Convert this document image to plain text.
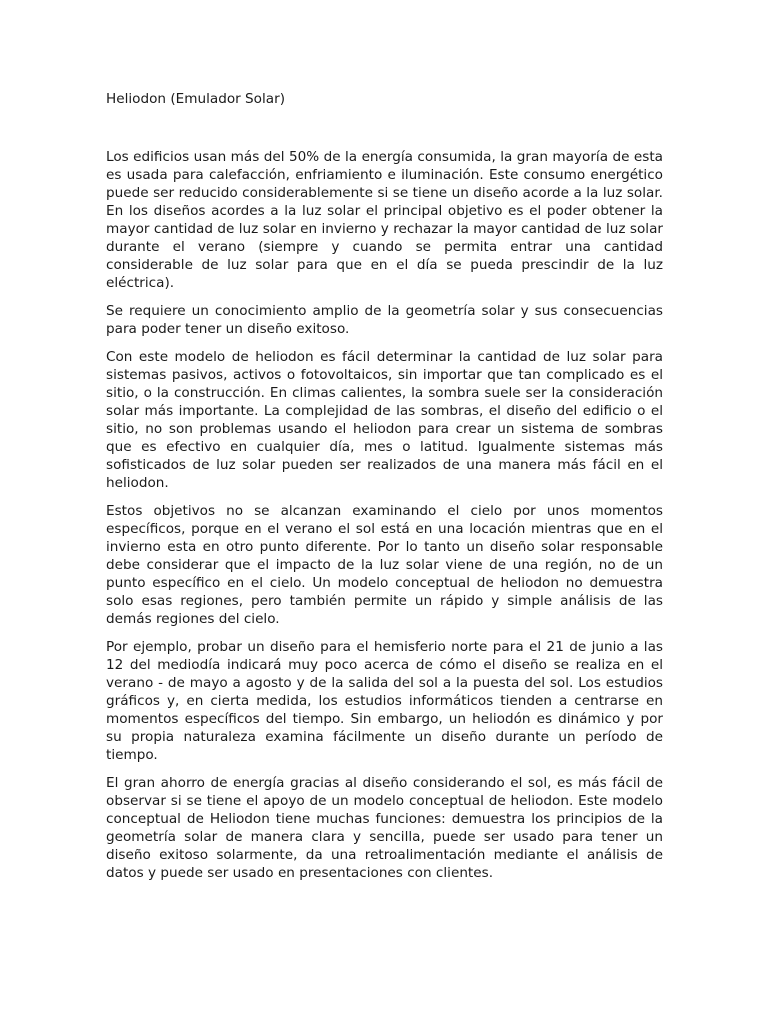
Heliodon (Emulador Solar)

Los edificios usan más del 50% de la energía consumida, la gran mayoría de esta es usada para calefacción, enfriamiento e iluminación. Este consumo energético puede ser reducido considerablemente si se tiene un diseño acorde a la luz solar. En los diseños acordes a la luz solar el principal objetivo es el poder obtener la mayor cantidad de luz solar en invierno y rechazar la mayor cantidad de luz solar durante el verano (siempre y cuando se permita entrar una cantidad considerable de luz solar para que en el día se pueda prescindir de la luz eléctrica).

Se requiere un conocimiento amplio de la geometría solar y sus consecuencias para poder tener un diseño exitoso.

Con este modelo de heliodon es fácil determinar la cantidad de luz solar para sistemas pasivos, activos o fotovoltaicos, sin importar que tan complicado es el sitio, o la construcción. En climas calientes, la sombra suele ser la consideración solar más importante. La complejidad de las sombras, el diseño del edificio o el sitio, no son problemas usando el heliodon para crear un sistema de sombras que es efectivo en cualquier día, mes o latitud. Igualmente sistemas más sofisticados de luz solar pueden ser realizados de una manera más fácil en el heliodon.

Estos objetivos no se alcanzan examinando el cielo por unos momentos específicos, porque en el verano el sol está en una locación mientras que en el invierno esta en otro punto diferente. Por lo tanto un diseño solar responsable debe considerar que el impacto de la luz solar viene de una región, no de un punto específico en el cielo. Un modelo conceptual de heliodon no demuestra solo esas regiones, pero también permite un rápido y simple análisis de las demás regiones del cielo.

Por ejemplo, probar un diseño para el hemisferio norte para el 21 de junio a las 12 del mediodía indicará muy poco acerca de cómo el diseño se realiza en el verano - de mayo a agosto y de la salida del sol a la puesta del sol. Los estudios gráficos y, en cierta medida, los estudios informáticos tienden a centrarse en momentos específicos del tiempo. Sin embargo, un heliodón es dinámico y por su propia naturaleza examina fácilmente un diseño durante un período de tiempo.

El gran ahorro de energía gracias al diseño considerando el sol, es más fácil de observar si se tiene el apoyo de un modelo conceptual de heliodon. Este modelo conceptual de Heliodon tiene muchas funciones: demuestra los principios de la geometría solar de manera clara y sencilla, puede ser usado para tener un diseño exitoso solarmente, da una retroalimentación mediante el análisis de datos y puede ser usado en presentaciones con clientes.
